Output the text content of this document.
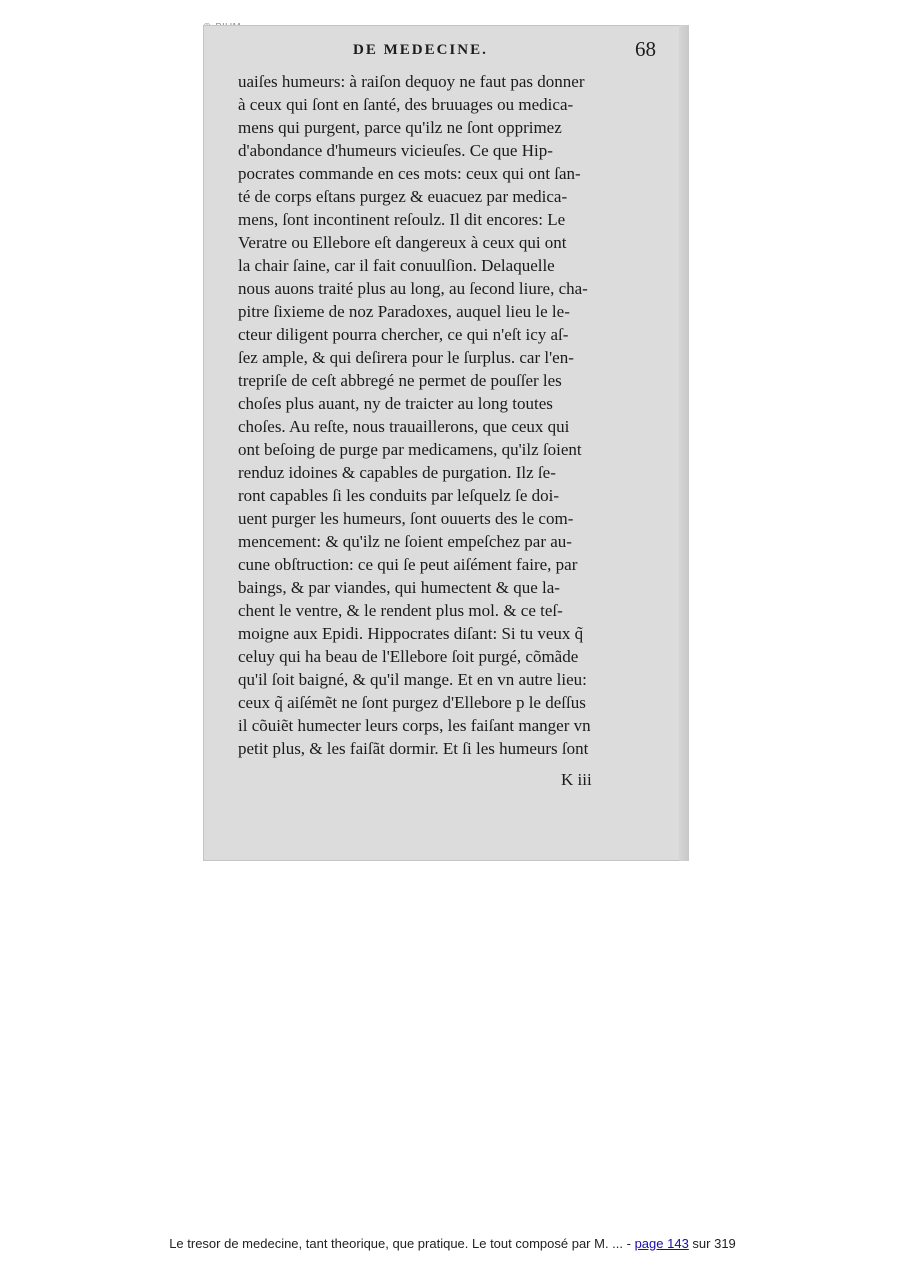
DE MEDECINE.	68
uaiſes humeurs: à raiſon dequoy ne faut pas donner
à ceux qui ſont en ſanté, des bruuages ou medica-
mens qui purgent, parce qu'ilz ne ſont opprimez
d'abondance d'humeurs vicieuſes. Ce que Hip-
pocrates commande en ces mots: ceux qui ont ſan-
té de corps eſtans purgez & euacuez par medica-
mens, ſont incontinent reſoulz. Il dit encores: Le
Veratre ou Ellebore eſt dangereux à ceux qui ont
la chair ſaine, car il fait conuulſion. Delaquelle
nous auons traité plus au long, au ſecond liure, cha-
pitre ſixieme de noz Paradoxes, auquel lieu le le-
cteur diligent pourra chercher, ce qui n'eſt icy aſ-
ſez ample, & qui deſirera pour le ſurplus. car l'en-
trepriſe de ceſt abbregé ne permet de pouſſer les
choſes plus auant, ny de traicter au long toutes
choſes. Au reſte, nous trauaillerons, que ceux qui
ont beſoing de purge par medicamens, qu'ilz ſoient
renduz idoines & capables de purgation. Ilz ſe-
ront capables ſi les conduits par leſquelz ſe doi-
uent purger les humeurs, ſont ouuerts des le com-
mencement: & qu'ilz ne ſoient empeſchez par au-
cune obſtruction: ce qui ſe peut aiſément faire, par
baings, & par viandes, qui humectent & que la-
chent le ventre, & le rendent plus mol. & ce teſ-
moigne aux Epidi. Hippocrates diſant: Si tu veux q̃
celuy qui ha beau de l'Ellebore ſoit purgé, cõmãde
qu'il ſoit baigné, & qu'il mange. Et en vn autre lieu:
ceux q̃ aiſémẽt ne ſont purgez d'Ellebore p le deſſus
il cõuiẽt humecter leurs corps, les faiſant manger vn
petit plus, & les faiſãt dormir. Et ſi les humeurs ſont
K iii
Le tresor de medecine, tant theorique, que pratique. Le tout composé par M. ... - page 143 sur 319
